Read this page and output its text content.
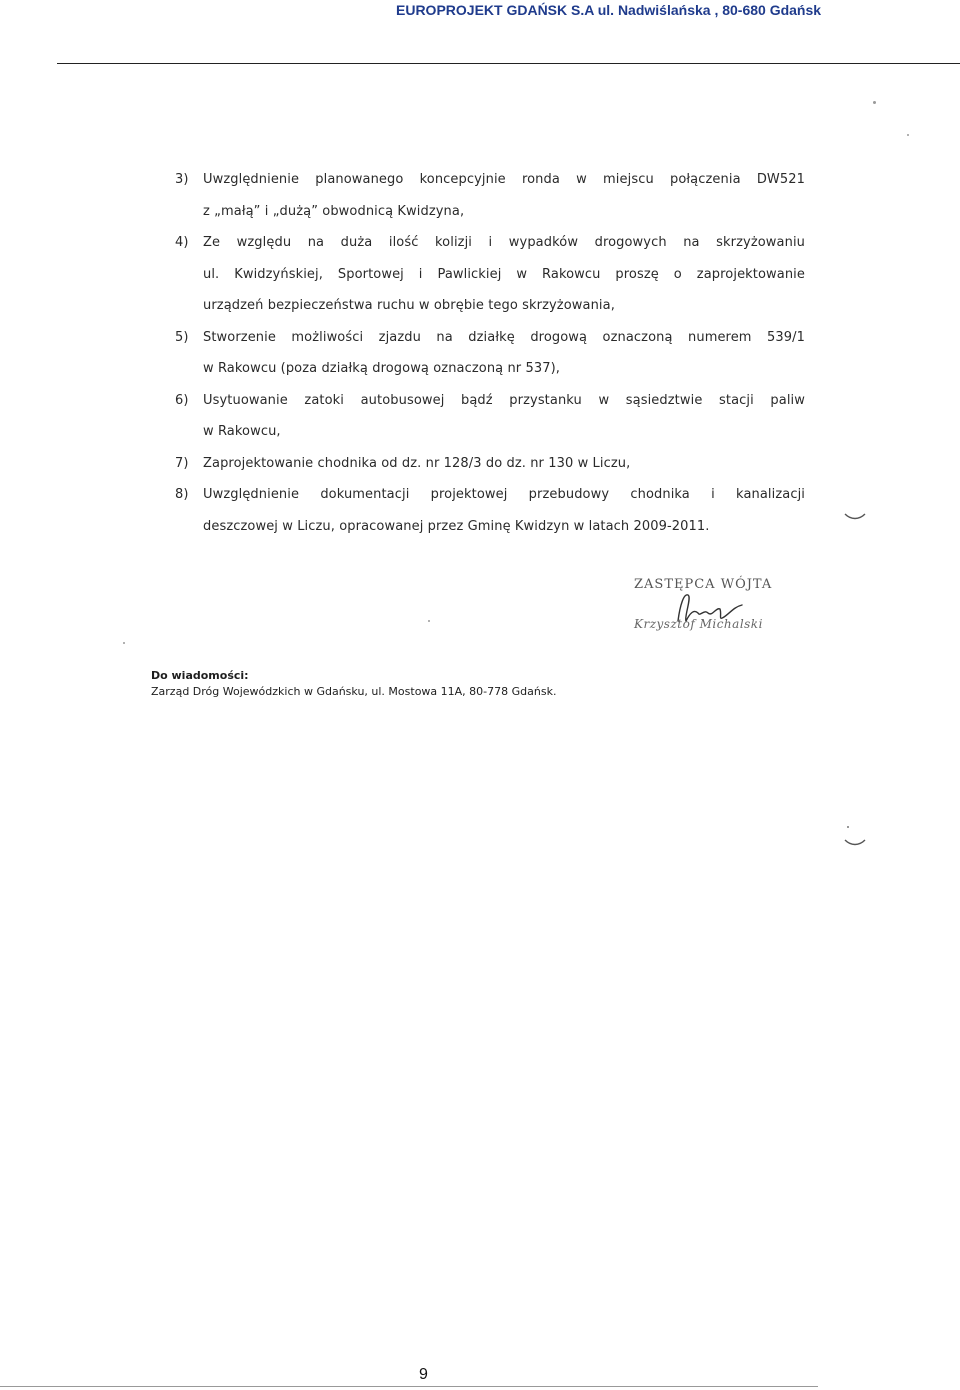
EUROPROJEKT GDAŃSK S.A ul. Nadwiślańska , 80-680 Gdańsk
3) Uwzględnienie planowanego koncepcyjnie ronda w miejscu połączenia DW521
z „małą” i „dużą” obwodnicą Kwidzyna,
4) Ze względu na duża ilość kolizji i wypadków drogowych na skrzyżowaniu
ul. Kwidzyńskiej, Sportowej i Pawlickiej w Rakowcu proszę o zaprojektowanie
urządzeń bezpieczeństwa ruchu w obrębie tego skrzyżowania,
5) Stworzenie możliwości zjazdu na działkę drogową oznaczoną numerem 539/1
w Rakowcu (poza działką drogową oznaczoną nr 537),
6) Usytuowanie zatoki autobusowej bądź przystanku w sąsiedztwie stacji paliw
w Rakowcu,
7) Zaprojektowanie chodnika od dz. nr 128/3 do dz. nr 130 w Liczu,
8) Uwzględnienie dokumentacji projektowej przebudowy chodnika i kanalizacji
deszczowej w Liczu, opracowanej przez Gminę Kwidzyn w latach 2009-2011.
ZASTĘPCA WÓJTA
Krzysztof Michalski
Do wiadomości:
Zarząd Dróg Wojewódzkich w Gdańsku, ul. Mostowa 11A, 80-778 Gdańsk.
9
